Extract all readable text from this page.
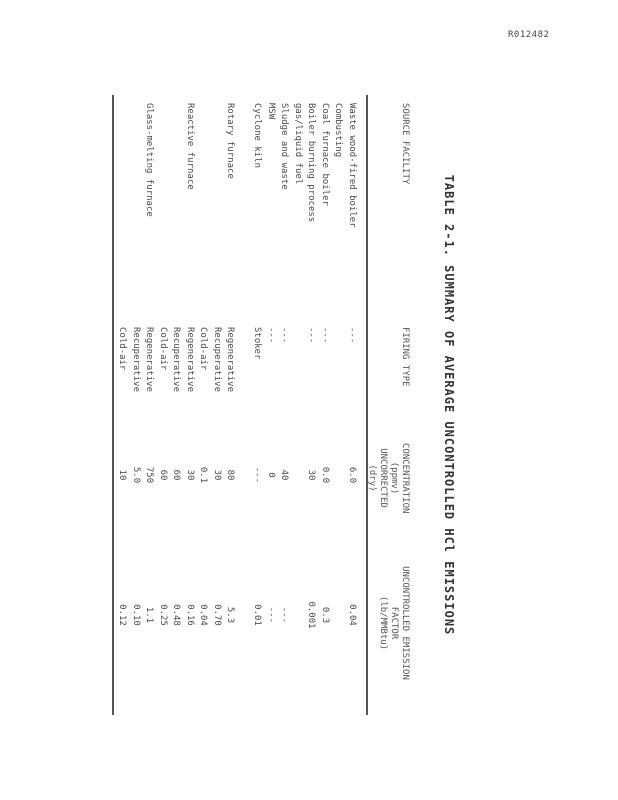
R012482
TABLE 2-1. SUMMARY OF AVERAGE UNCONTROLLED HCl EMISSIONS
SOURCE FACILITY
FIRING TYPE
CONCENTRATION
(ppmv)
UNCORRECTED
(dry)
UNCONTROLLED EMISSION
FACTOR
(lb/MMBtu)
Waste wood-fired boiler
---
6.0
0.04
Combusting
Coal furnace boiler
---
0.0
0.3
Boiler burning process
---
30
0.001
gas/liquid fuel
Sludge and waste
---
40
---
MSW
---
0
---
Cyclone kiln
Stoker
---
0.01
Rotary furnace
Regenerative
80
5.3
Recuperative
30
0.70
Cold-air
0.1
0.04
Reactive furnace
Regenerative
30
0.16
Recuperative
60
0.48
Cold-air
60
0.25
Glass-melting furnace
Regenerative
750
1.1
Recuperative
5.0
0.10
Cold-air
10
0.12
